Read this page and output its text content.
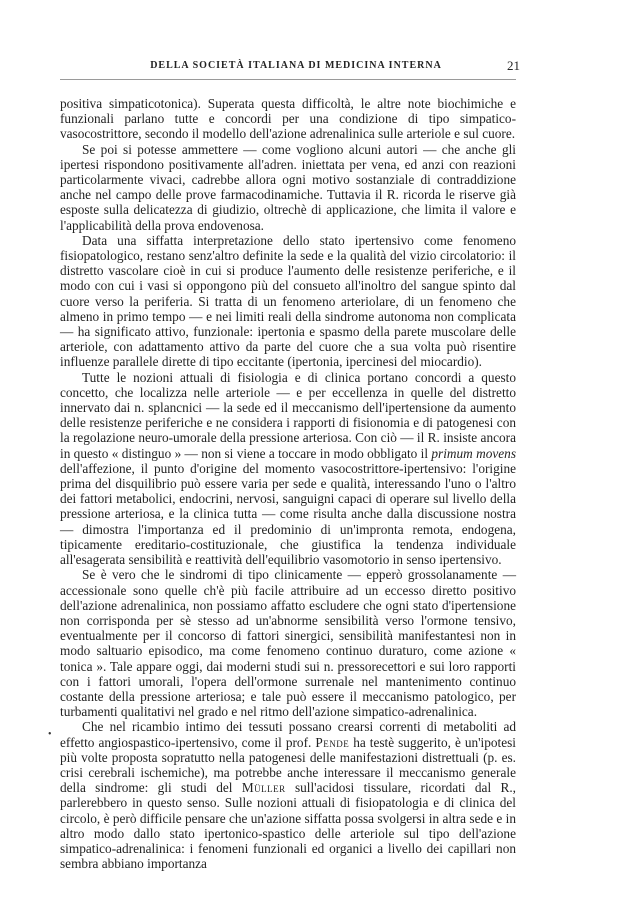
DELLA SOCIETÀ ITALIANA DI MEDICINA INTERNA	21
•

positiva simpaticotonica). Superata questa difficoltà, le altre note biochimiche e funzionali parlano tutte e concordi per una condizione di tipo simpatico-vasocostrittore, secondo il modello dell'azione adrenalinica sulle arteriole e sul cuore.

Se poi si potesse ammettere — come vogliono alcuni autori — che anche gli ipertesi rispondono positivamente all'adren. iniettata per vena, ed anzi con reazioni particolarmente vivaci, cadrebbe allora ogni motivo sostanziale di contraddizione anche nel campo delle prove farmacodinamiche. Tuttavia il R. ricorda le riserve già esposte sulla delicatezza di giudizio, oltrechè di applicazione, che limita il valore e l'applicabilità della prova endovenosa.

Data una siffatta interpretazione dello stato ipertensivo come fenomeno fisiopatologico, restano senz'altro definite la sede e la qualità del vizio circolatorio: il distretto vascolare cioè in cui si produce l'aumento delle resistenze periferiche, e il modo con cui i vasi si oppongono più del consueto all'inoltro del sangue spinto dal cuore verso la periferia. Si tratta di un fenomeno arteriolare, di un fenomeno che almeno in primo tempo — e nei limiti reali della sindrome autonoma non complicata — ha significato attivo, funzionale: ipertonia e spasmo della parete muscolare delle arteriole, con adattamento attivo da parte del cuore che a sua volta può risentire influenze parallele dirette di tipo eccitante (ipertonia, ipercinesi del miocardio).

Tutte le nozioni attuali di fisiologia e di clinica portano concordi a questo concetto, che localizza nelle arteriole — e per eccellenza in quelle del distretto innervato dai n. splancnici — la sede ed il meccanismo dell'ipertensione da aumento delle resistenze periferiche e ne considera i rapporti di fisionomia e di patogenesi con la regolazione neuro-umorale della pressione arteriosa. Con ciò — il R. insiste ancora in questo « distinguo » — non si viene a toccare in modo obbligato il primum movens dell'affezione, il punto d'origine del momento vasocostrittore-ipertensivo: l'origine prima del disquilibrio può essere varia per sede e qualità, interessando l'uno o l'altro dei fattori metabolici, endocrini, nervosi, sanguigni capaci di operare sul livello della pressione arteriosa, e la clinica tutta — come risulta anche dalla discussione nostra — dimostra l'importanza ed il predominio di un'impronta remota, endogena, tipicamente ereditario-costituzionale, che giustifica la tendenza individuale all'esagerata sensibilità e reattività dell'equilibrio vasomotorio in senso ipertensivo.

Se è vero che le sindromi di tipo clinicamente — epperò grossolanamente — accessionale sono quelle ch'è più facile attribuire ad un eccesso diretto positivo dell'azione adrenalinica, non possiamo affatto escludere che ogni stato d'ipertensione non corrisponda per sè stesso ad un'abnorme sensibilità verso l'ormone tensivo, eventualmente per il concorso di fattori sinergici, sensibilità manifestantesi non in modo saltuario episodico, ma come fenomeno continuo duraturo, come azione « tonica ». Tale appare oggi, dai moderni studi sui n. pressorecettori e sui loro rapporti con i fattori umorali, l'opera dell'ormone surrenale nel mantenimento continuo costante della pressione arteriosa; e tale può essere il meccanismo patologico, per turbamenti qualitativi nel grado e nel ritmo dell'azione simpatico-adrenalinica.

Che nel ricambio intimo dei tessuti possano crearsi correnti di metaboliti ad effetto angiospastico-ipertensivo, come il prof. Pende ha testè suggerito, è un'ipotesi più volte proposta sopratutto nella patogenesi delle manifestazioni distrettuali (p. es. crisi cerebrali ischemiche), ma potrebbe anche interessare il meccanismo generale della sindrome: gli studi del Müller sull'acidosi tissulare, ricordati dal R., parlerebbero in questo senso. Sulle nozioni attuali di fisiopatologia e di clinica del circolo, è però difficile pensare che un'azione siffatta possa svolgersi in altra sede e in altro modo dallo stato ipertonico-spastico delle arteriole sul tipo dell'azione simpatico-adrenalinica: i fenomeni funzionali ed organici a livello dei capillari non sembra abbiano importanza
